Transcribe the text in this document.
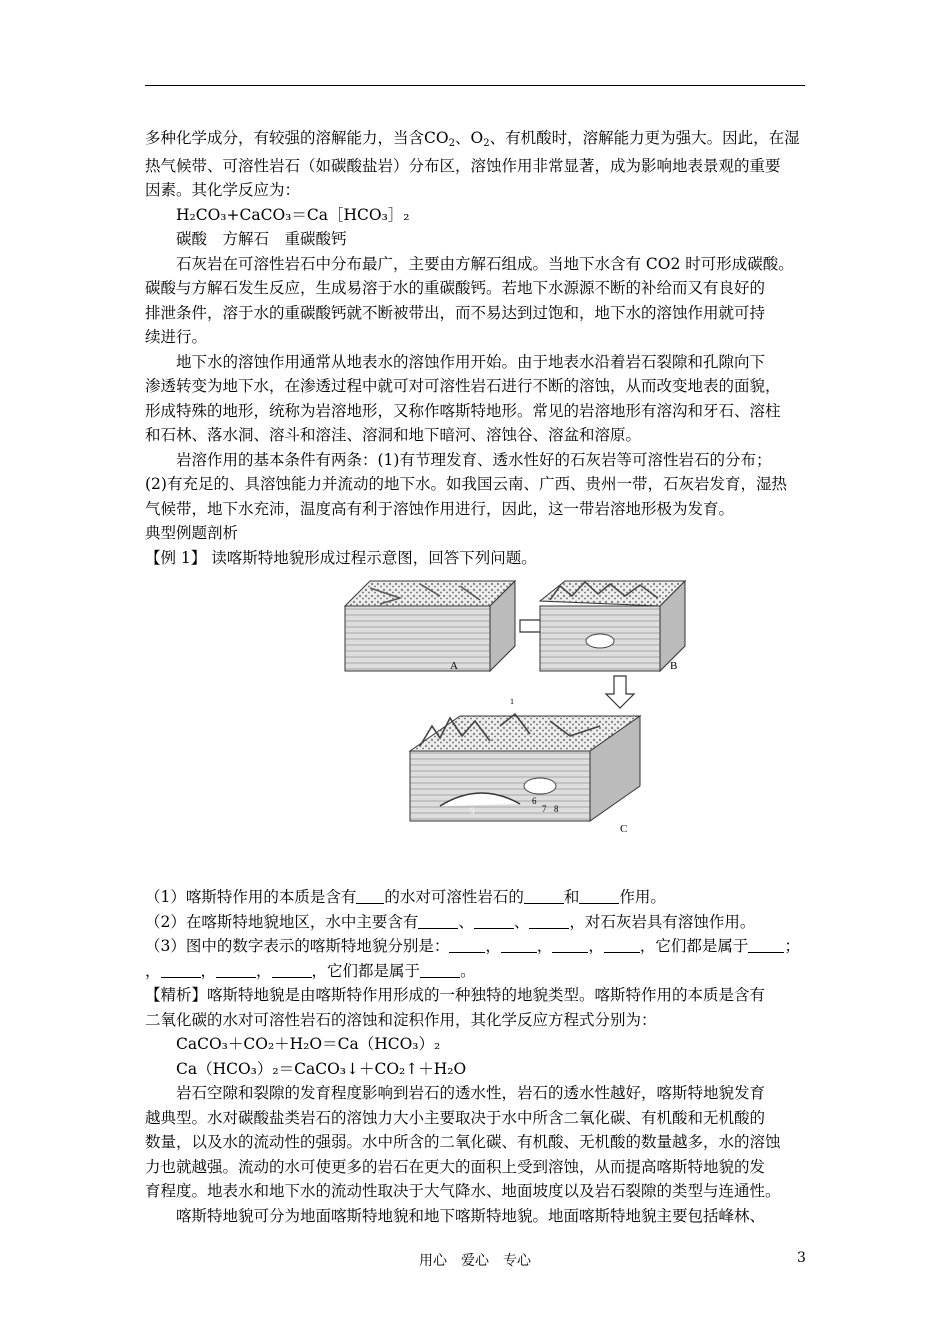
多种化学成分，有较强的溶解能力，当含CO2、O2、有机酸时，溶解能力更为强大。因此，在湿

热气候带、可溶性岩石（如碳酸盐岩）分布区，溶蚀作用非常显著，成为影响地表景观的重要

因素。其化学反应为：

H₂CO₃+CaCO₃＝Ca［HCO₃］₂

碳酸　方解石　重碳酸钙

石灰岩在可溶性岩石中分布最广，主要由方解石组成。当地下水含有 CO2 时可形成碳酸。

碳酸与方解石发生反应，生成易溶于水的重碳酸钙。若地下水源源不断的补给而又有良好的

排泄条件，溶于水的重碳酸钙就不断被带出，而不易达到过饱和，地下水的溶蚀作用就可持

续进行。

地下水的溶蚀作用通常从地表水的溶蚀作用开始。由于地表水沿着岩石裂隙和孔隙向下

渗透转变为地下水，在渗透过程中就可对可溶性岩石进行不断的溶蚀，从而改变地表的面貌，

形成特殊的地形，统称为岩溶地形，又称作喀斯特地形。常见的岩溶地形有溶沟和牙石、溶柱

和石林、落水洞、溶斗和溶洼、溶洞和地下暗河、溶蚀谷、溶盆和溶原。

岩溶作用的基本条件有两条：(1)有节理发育、透水性好的石灰岩等可溶性岩石的分布；

(2)有充足的、具溶蚀能力并流动的地下水。如我国云南、广西、贵州一带，石灰岩发育，湿热

气候带，地下水充沛，温度高有利于溶蚀作用进行，因此，这一带岩溶地形极为发育。

典型例题剖析

【例 1】 读喀斯特地貌形成过程示意图，回答下列问题。

A	B
1
5
6
7 8
C

（1）喀斯特作用的本质是含有 的水对可溶性岩石的	和	作用。

（2）在喀斯特地貌地区，水中主要含有	、	、	，对石灰岩具有溶蚀作用。

（3）图中的数字表示的喀斯特地貌分别是： ， ， ， ，它们都是属于 ；

，	，	，	，它们都是属于	。

【精析】喀斯特地貌是由喀斯特作用形成的一种独特的地貌类型。喀斯特作用的本质是含有

二氧化碳的水对可溶性岩石的溶蚀和淀积作用，其化学反应方程式分别为：

CaCO₃＋CO₂＋H₂O＝Ca（HCO₃）₂

Ca（HCO₃）₂＝CaCO₃↓＋CO₂↑＋H₂O

岩石空隙和裂隙的发育程度影响到岩石的透水性，岩石的透水性越好，喀斯特地貌发育

越典型。水对碳酸盐类岩石的溶蚀力大小主要取决于水中所含二氧化碳、有机酸和无机酸的

数量，以及水的流动性的强弱。水中所含的二氧化碳、有机酸、无机酸的数量越多，水的溶蚀

力也就越强。流动的水可使更多的岩石在更大的面积上受到溶蚀，从而提高喀斯特地貌的发

育程度。地表水和地下水的流动性取决于大气降水、地面坡度以及岩石裂隙的类型与连通性。

喀斯特地貌可分为地面喀斯特地貌和地下喀斯特地貌。地面喀斯特地貌主要包括峰林、

用心　爱心　专心	3
